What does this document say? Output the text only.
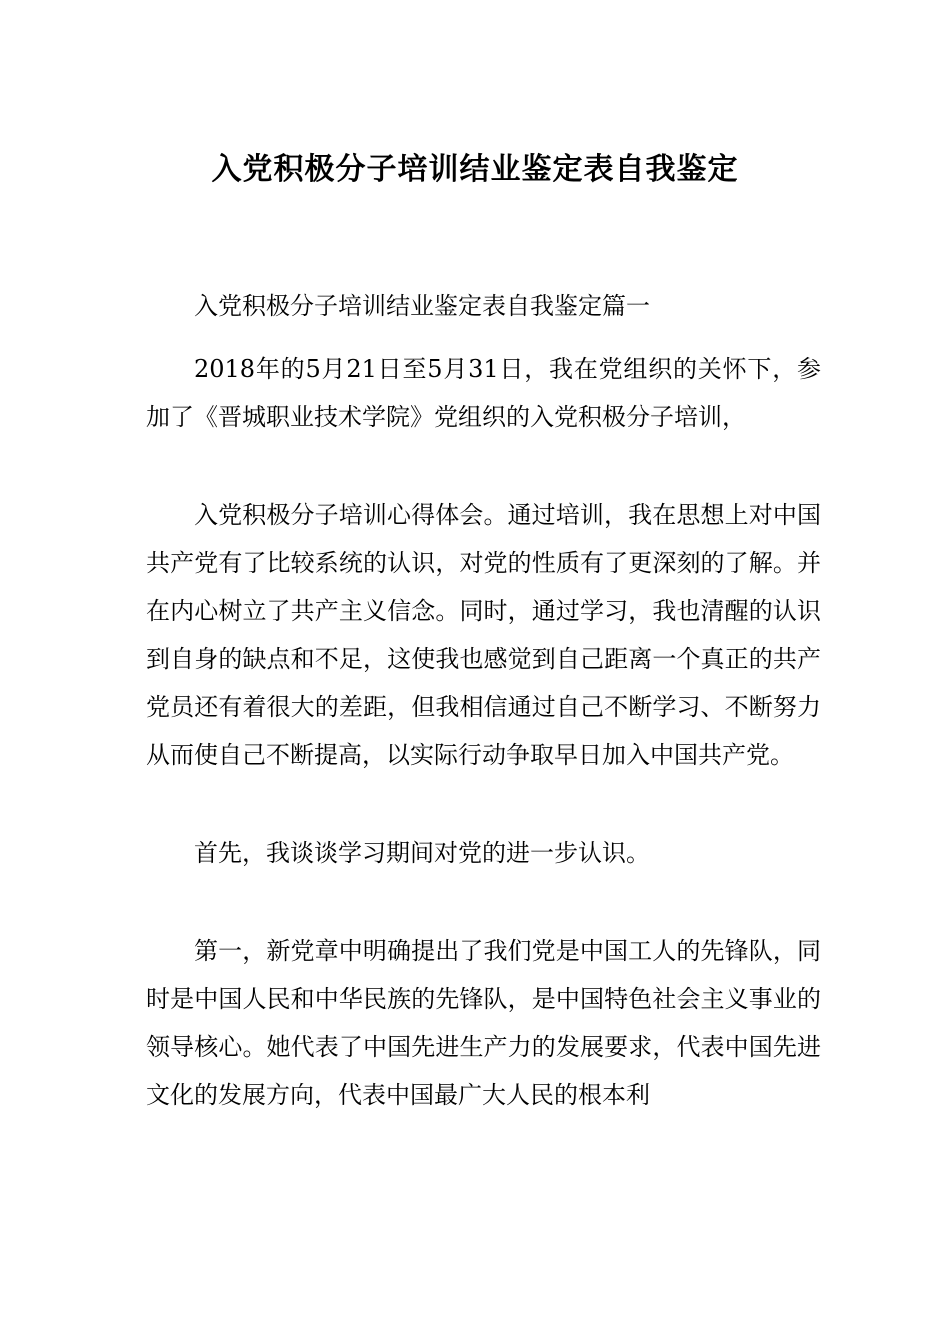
入党积极分子培训结业鉴定表自我鉴定

入党积极分子培训结业鉴定表自我鉴定篇一

2018年的5月21日至5月31日，我在党组织的关怀下，参加了《晋城职业技术学院》党组织的入党积极分子培训，

入党积极分子培训心得体会。通过培训，我在思想上对中国共产党有了比较系统的认识，对党的性质有了更深刻的了解。并在内心树立了共产主义信念。同时，通过学习，我也清醒的认识到自身的缺点和不足，这使我也感觉到自己距离一个真正的共产党员还有着很大的差距，但我相信通过自己不断学习、不断努力从而使自己不断提高，以实际行动争取早日加入中国共产党。

首先，我谈谈学习期间对党的进一步认识。

第一，新党章中明确提出了我们党是中国工人的先锋队，同时是中国人民和中华民族的先锋队，是中国特色社会主义事业的领导核心。她代表了中国先进生产力的发展要求，代表中国先进文化的发展方向，代表中国最广大人民的根本利
